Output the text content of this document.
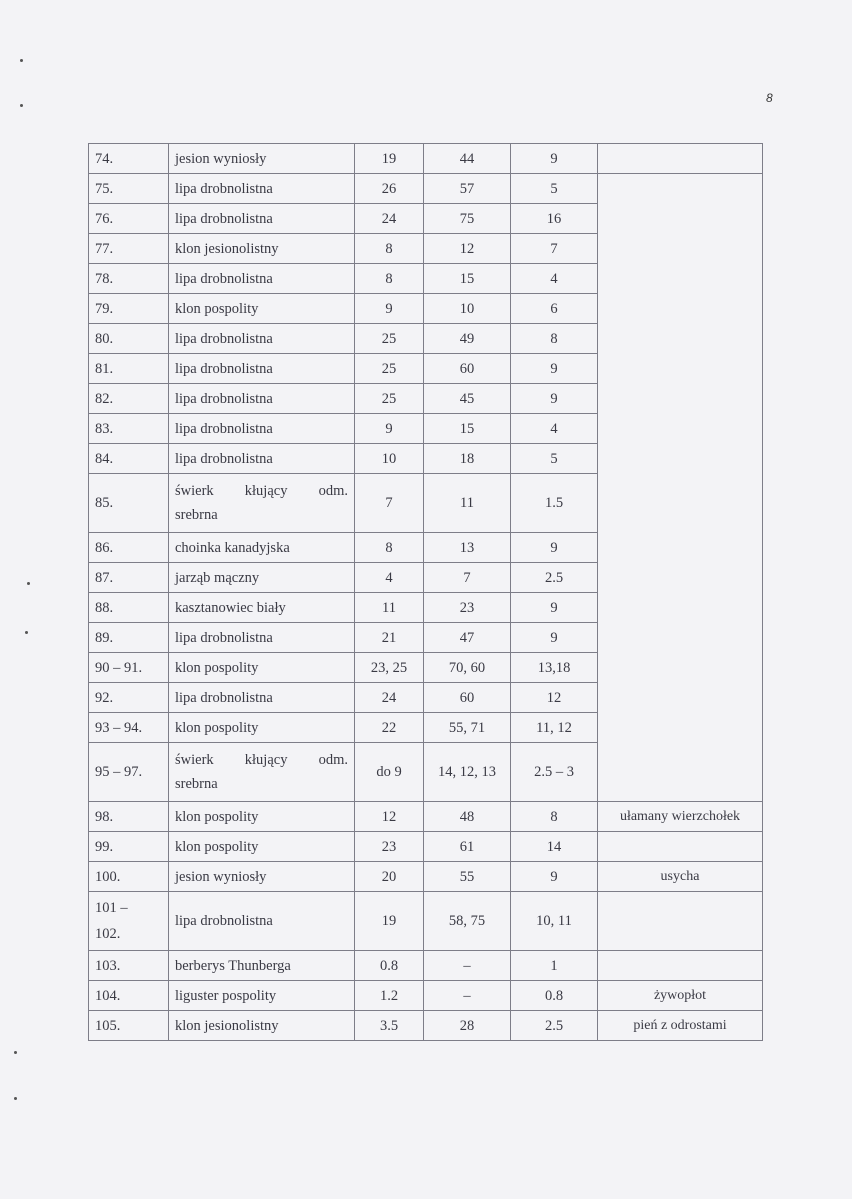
8
74.	jesion wyniosły	19	44	9	
75.	lipa drobnolistna	26	57	5	
76.	lipa drobnolistna	24	75	16	
77.	klon jesionolistny	8	12	7	
78.	lipa drobnolistna	8	15	4	
79.	klon pospolity	9	10	6	
80.	lipa drobnolistna	25	49	8	
81.	lipa drobnolistna	25	60	9	
82.	lipa drobnolistna	25	45	9	
83.	lipa drobnolistna	9	15	4	
84.	lipa drobnolistna	10	18	5	
85.	świerk kłujący odm.
srebrna	7	11	1.5	
86.	choinka kanadyjska	8	13	9	
87.	jarząb mączny	4	7	2.5	
88.	kasztanowiec biały	11	23	9	
89.	lipa drobnolistna	21	47	9	
90 – 91.	klon pospolity	23, 25	70, 60	13,18	
92.	lipa drobnolistna	24	60	12	
93 – 94.	klon pospolity	22	55, 71	11, 12	
95 – 97.	świerk kłujący odm.
srebrna	do 9	14, 12, 13	2.5 – 3	
98.	klon pospolity	12	48	8	ułamany wierzchołek
99.	klon pospolity	23	61	14	
100.	jesion wyniosły	20	55	9	usycha
101 –
102.	lipa drobnolistna	19	58, 75	10, 11	
103.	berberys Thunberga	0.8	–	1	
104.	liguster pospolity	1.2	–	0.8	żywopłot
105.	klon jesionolistny	3.5	28	2.5	pień z odrostami
